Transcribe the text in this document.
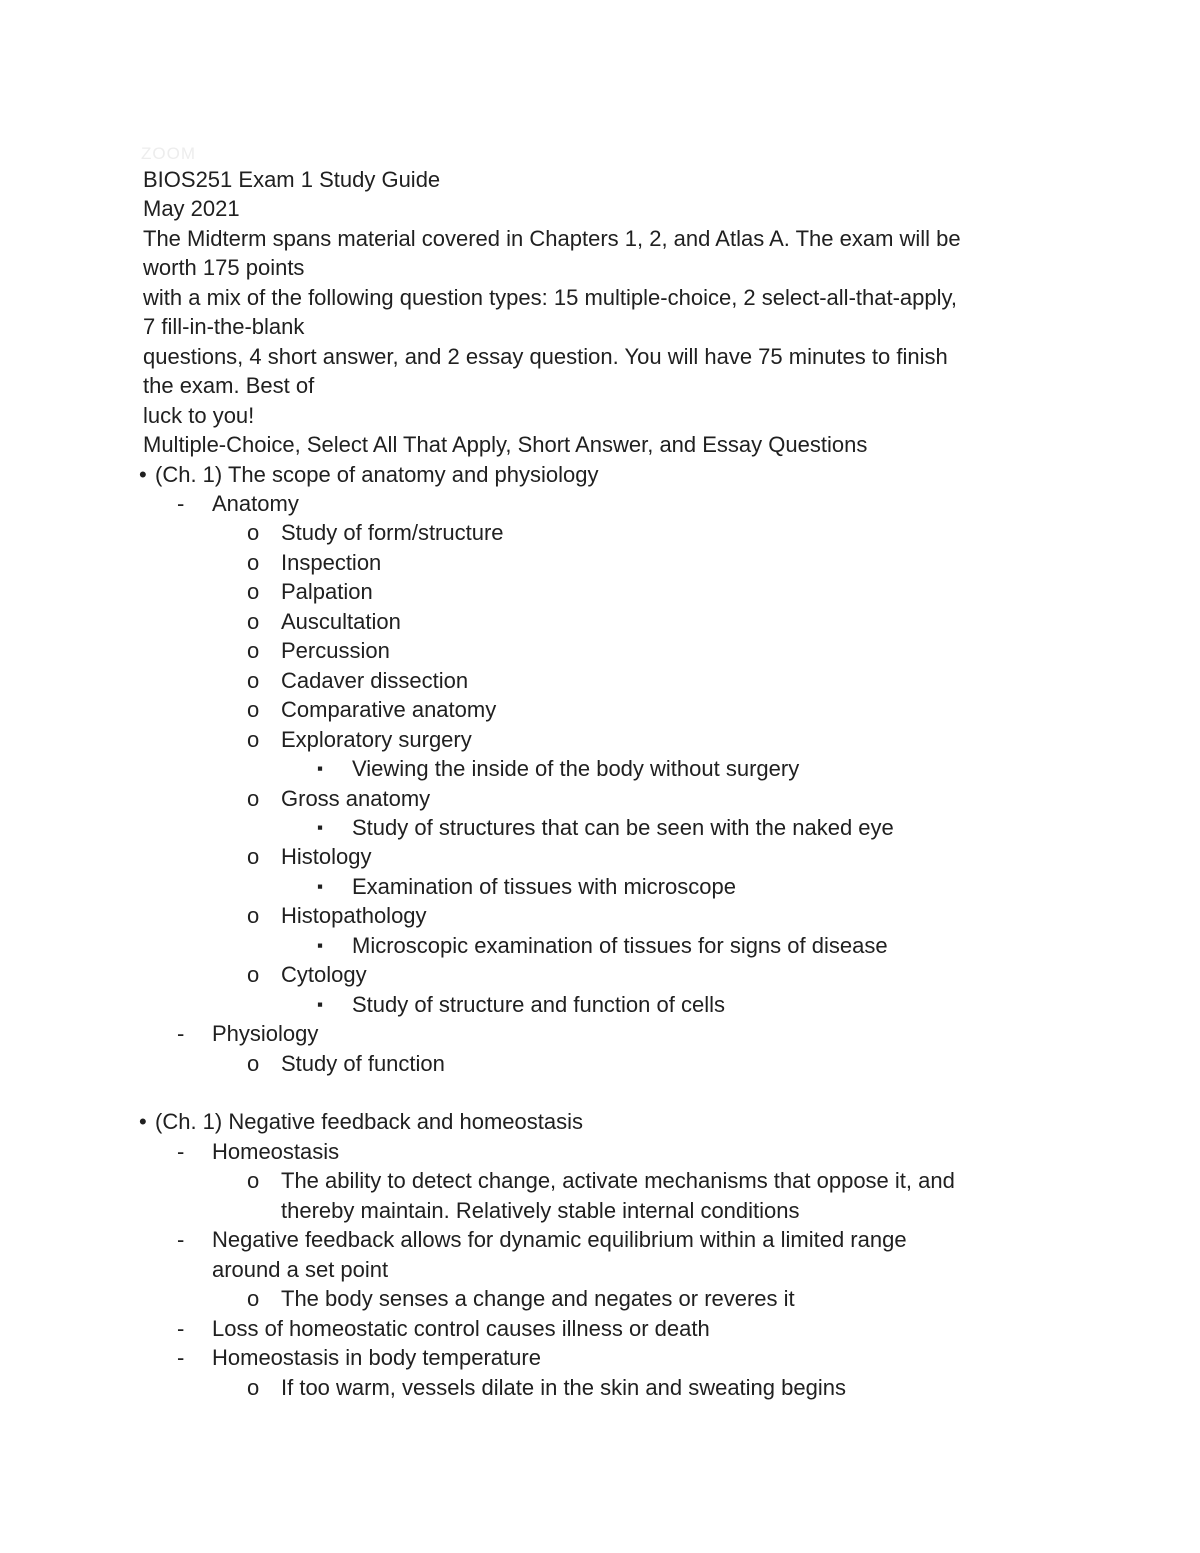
ZOOM
BIOS251 Exam 1 Study Guide
May 2021
The Midterm spans material covered in Chapters 1, 2, and Atlas A. The exam will be
worth 175 points
with a mix of the following question types: 15 multiple-choice, 2 select-all-that-apply,
7 fill-in-the-blank
questions, 4 short answer, and 2 essay question. You will have 75 minutes to finish
the exam. Best of
luck to you!
Multiple-Choice, Select All That Apply, Short Answer, and Essay Questions
• (Ch. 1) The scope of anatomy and physiology
- Anatomy
o Study of form/structure
o Inspection
o Palpation
o Auscultation
o Percussion
o Cadaver dissection
o Comparative anatomy
o Exploratory surgery
▪ Viewing the inside of the body without surgery
o Gross anatomy
▪ Study of structures that can be seen with the naked eye
o Histology
▪ Examination of tissues with microscope
o Histopathology
▪ Microscopic examination of tissues for signs of disease
o Cytology
▪ Study of structure and function of cells
- Physiology
o Study of function
• (Ch. 1) Negative feedback and homeostasis
- Homeostasis
o The ability to detect change, activate mechanisms that oppose it, and
thereby maintain. Relatively stable internal conditions
- Negative feedback allows for dynamic equilibrium within a limited range
around a set point
o The body senses a change and negates or reveres it
- Loss of homeostatic control causes illness or death
- Homeostasis in body temperature
o If too warm, vessels dilate in the skin and sweating begins
